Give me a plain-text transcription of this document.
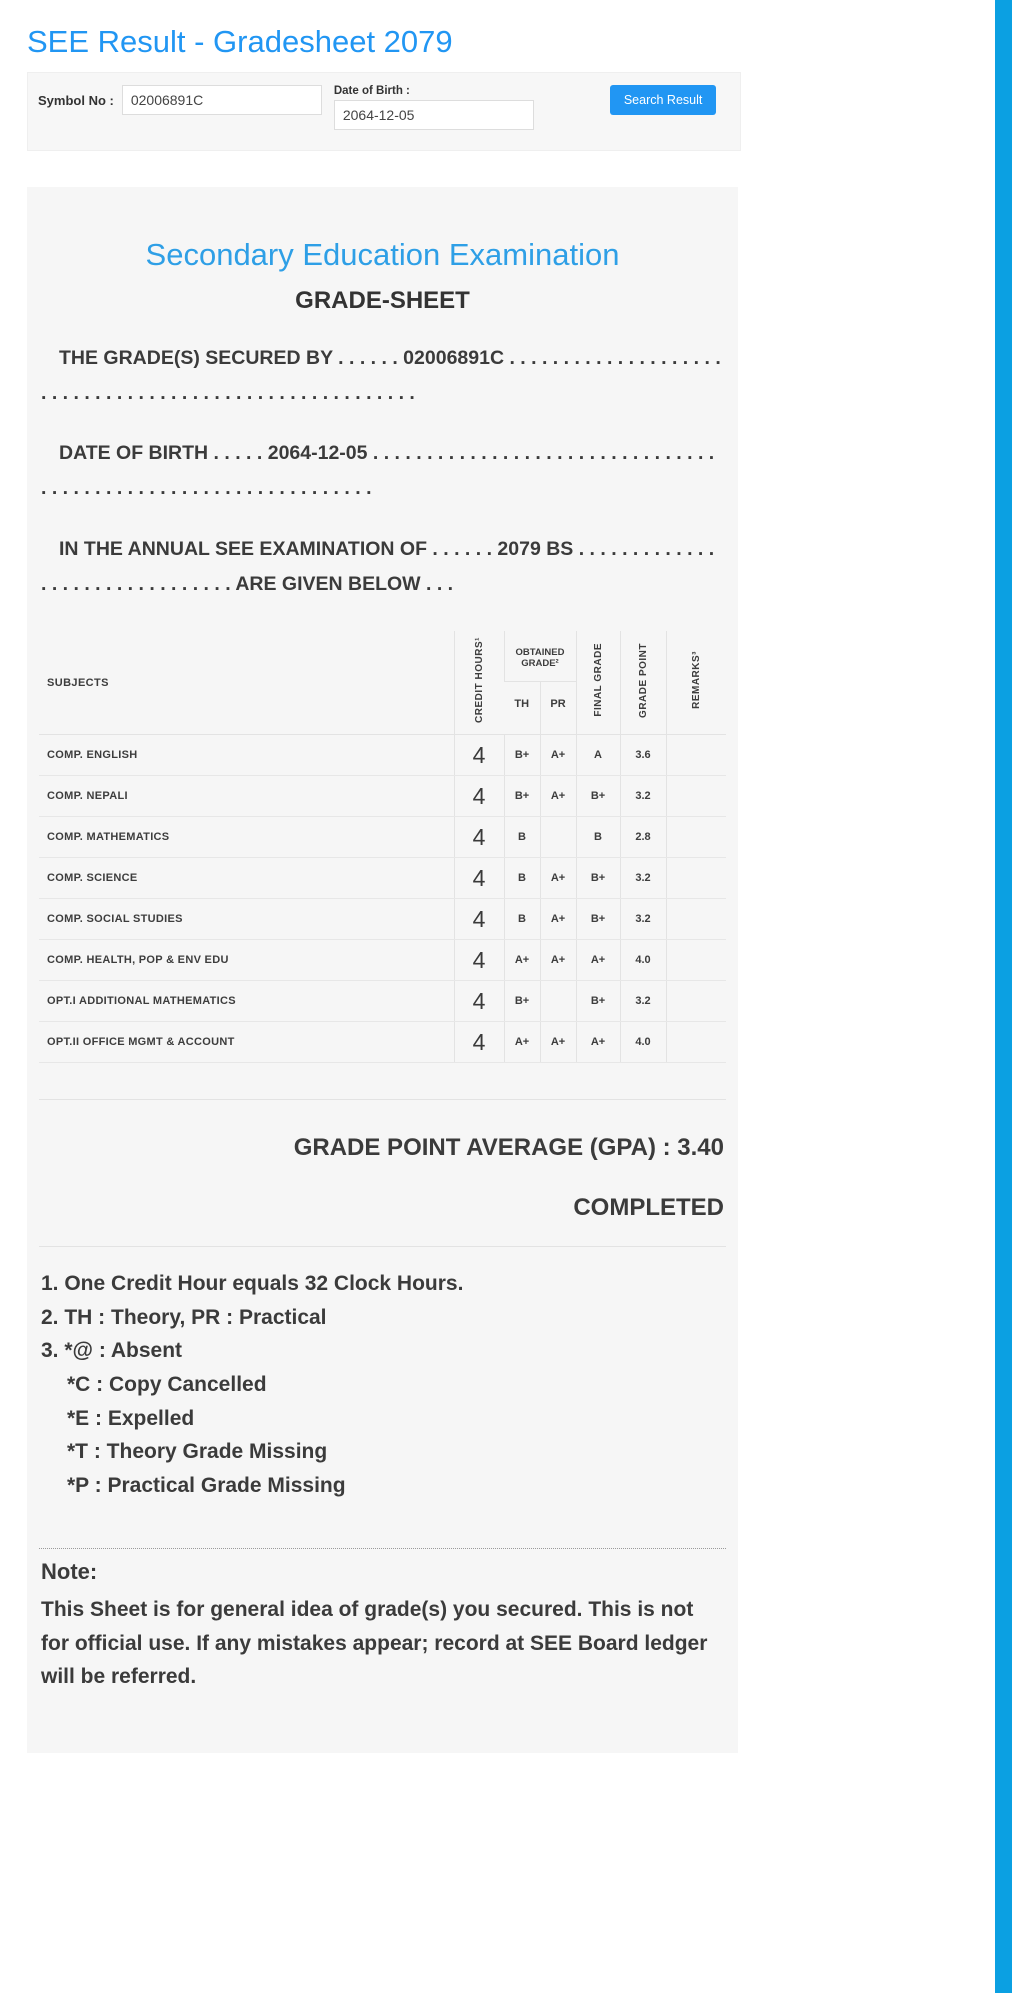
SEE Result - Gradesheet 2079
Symbol No :
02006891C
Date of Birth :
2064-12-05
Search Result
Secondary Education Examination
GRADE-SHEET

THE GRADE(S) SECURED BY . . . . . . 02006891C . . . . . . . . . . . . . . . . . . . . . . . . . . . . . . . . . . . . . . . . . . . . . . . . . . . . . . .

DATE OF BIRTH . . . . . 2064-12-05 . . . . . . . . . . . . . . . . . . . . . . . . . . . . . . . . . . . . . . . . . . . . . . . . . . . . . . . . . . . . . . .

IN THE ANNUAL SEE EXAMINATION OF . . . . . . 2079 BS . . . . . . . . . . . . . . . . . . . . . . . . . . . . . . . ARE GIVEN BELOW . . .

SUBJECTS	CREDIT HOURS¹	OBTAINED GRADE²		FINAL GRADE	GRADE POINT	REMARKS³
		TH	PR			
COMP. ENGLISH	4	B+	A+	A	3.6	
COMP. NEPALI	4	B+	A+	B+	3.2	
COMP. MATHEMATICS	4	B		B	2.8	
COMP. SCIENCE	4	B	A+	B+	3.2	
COMP. SOCIAL STUDIES	4	B	A+	B+	3.2	
COMP. HEALTH, POP & ENV EDU	4	A+	A+	A+	4.0	
OPT.I ADDITIONAL MATHEMATICS	4	B+		B+	3.2	
OPT.II OFFICE MGMT & ACCOUNT	4	A+	A+	A+	4.0	
GRADE POINT AVERAGE (GPA) : 3.40
COMPLETED
1. One Credit Hour equals 32 Clock Hours.
2. TH : Theory, PR : Practical
3. *@ : Absent
*C : Copy Cancelled
*E : Expelled
*T : Theory Grade Missing
*P : Practical Grade Missing
Note:
This Sheet is for general idea of grade(s) you secured. This is not for official use. If any mistakes appear; record at SEE Board ledger will be referred.
